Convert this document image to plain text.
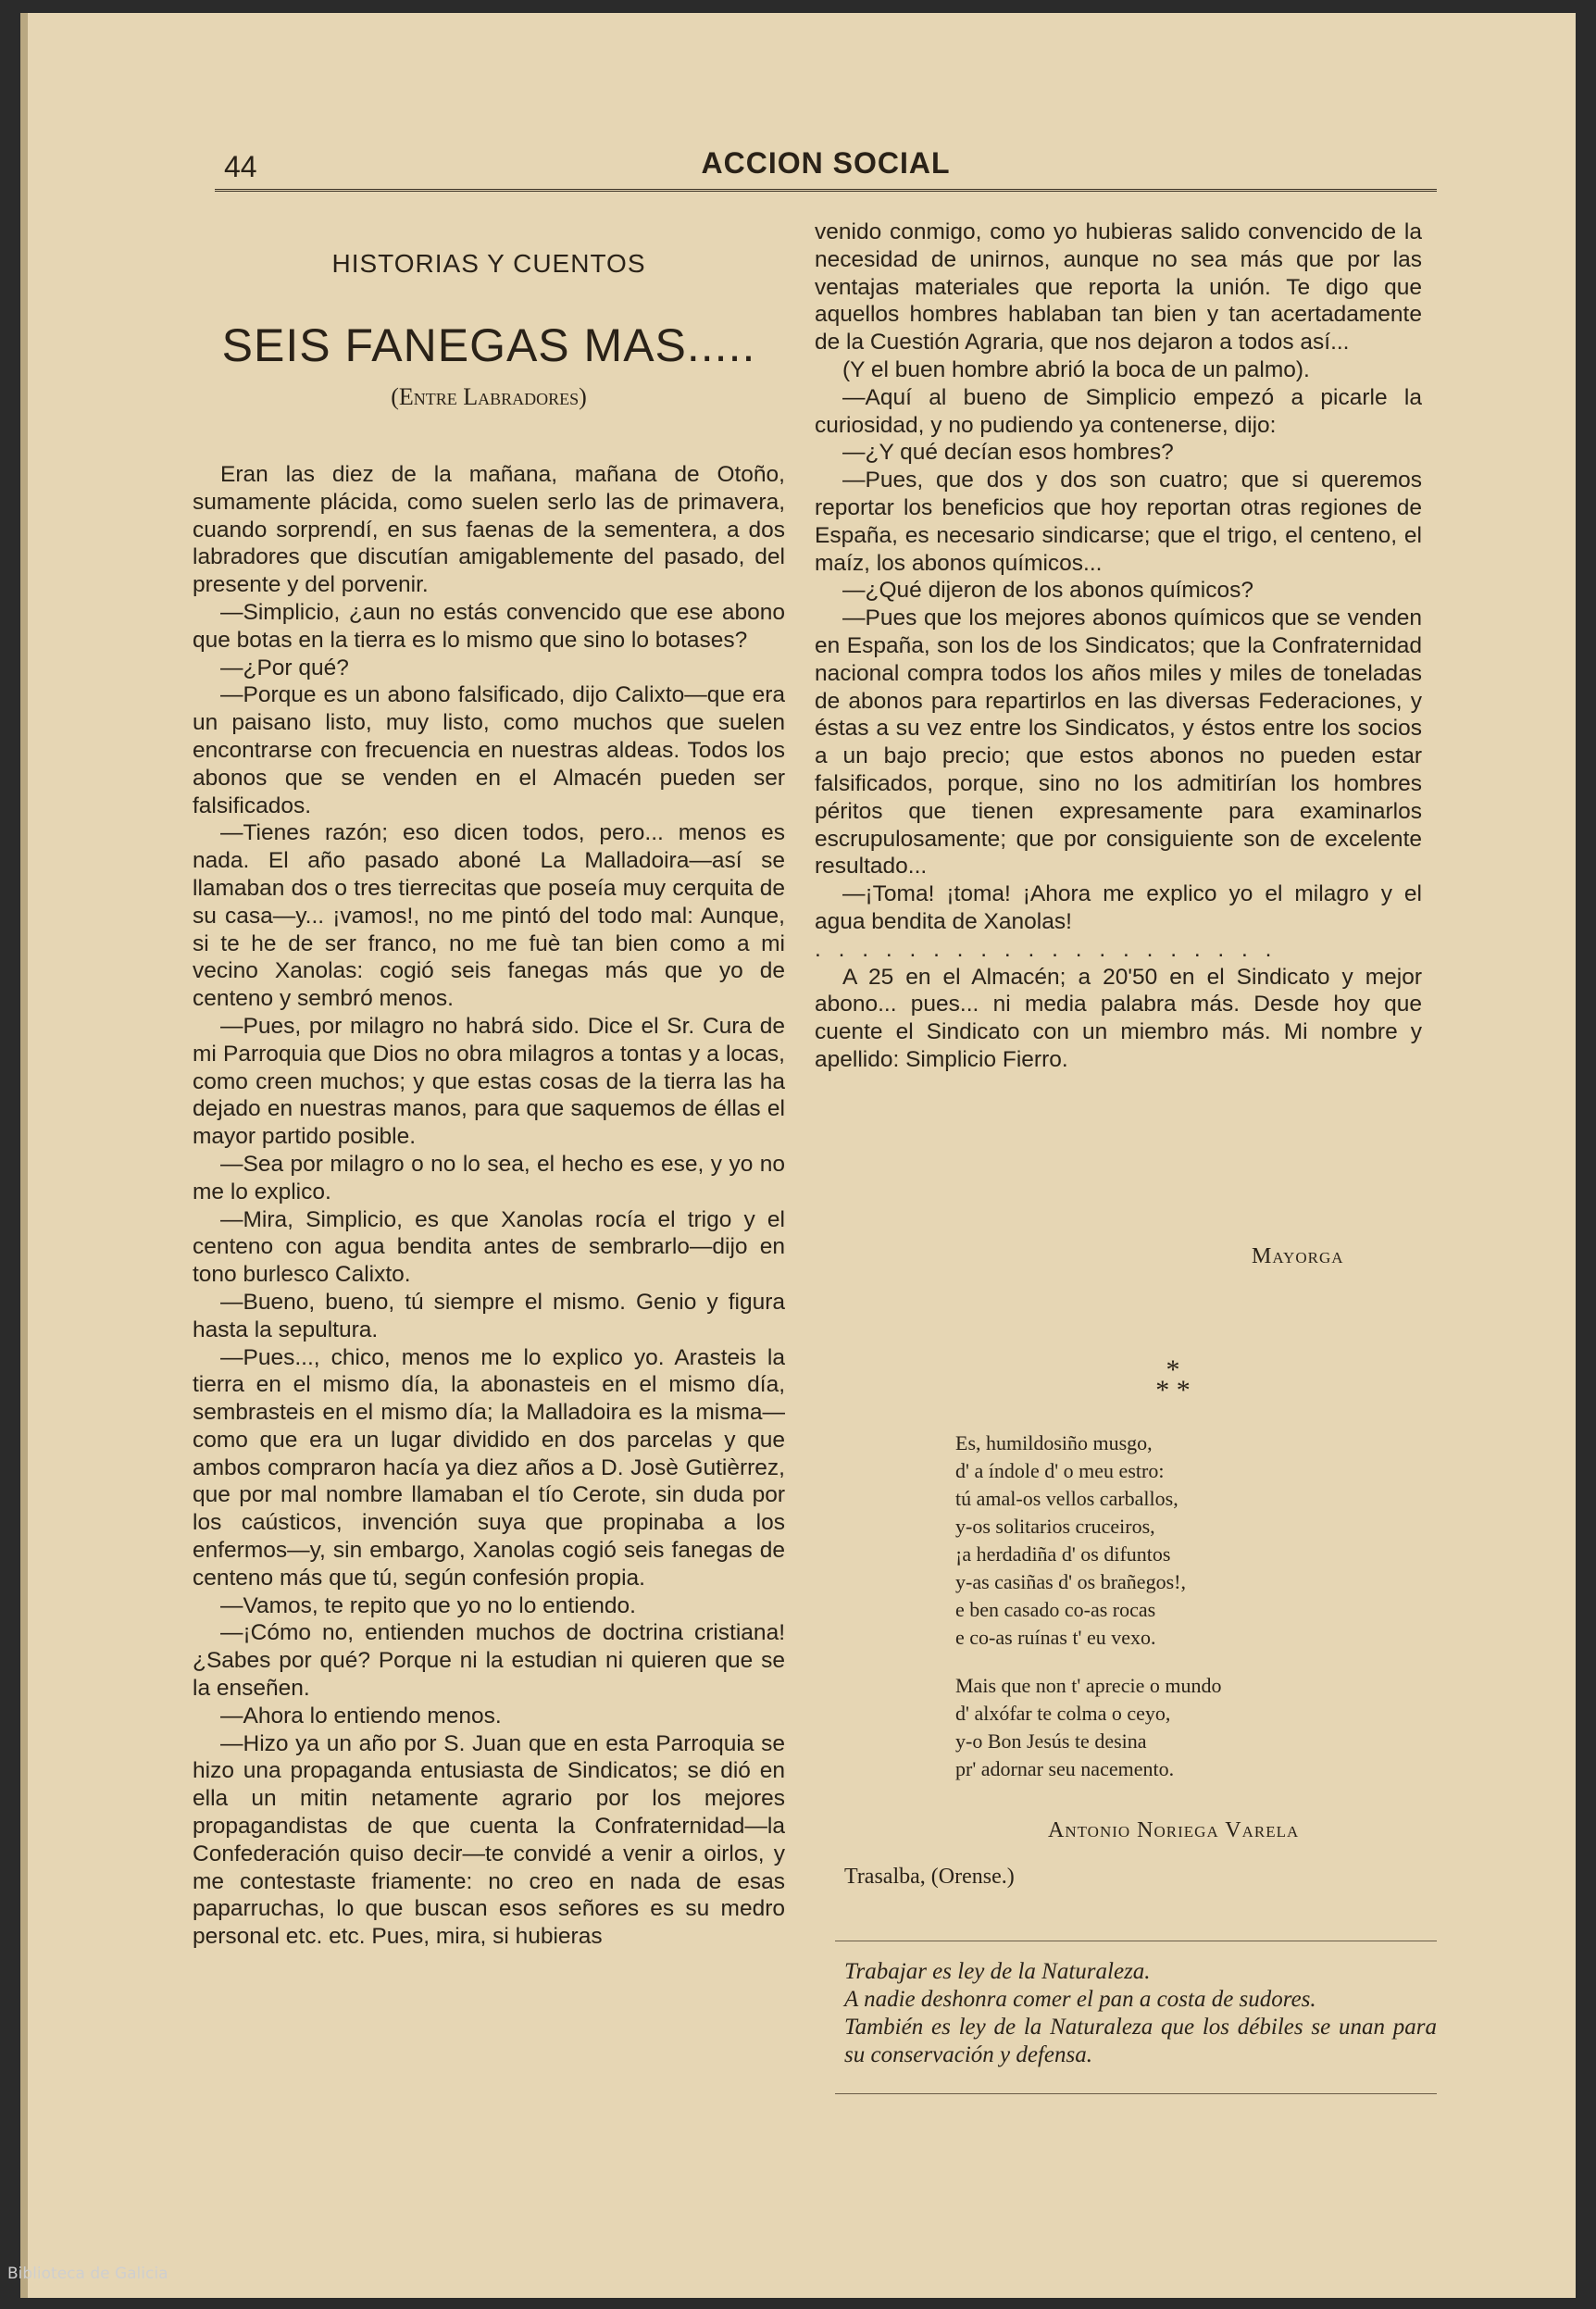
44	ACCION SOCIAL
HISTORIAS Y CUENTOS
SEIS FANEGAS MAS.....
(Entre Labradores)

Eran las diez de la mañana, mañana de Otoño, sumamente plácida, como suelen serlo las de primavera, cuando sorprendí, en sus faenas de la sementera, a dos labradores que discutían amigablemente del pasado, del presente y del porvenir.

—Simplicio, ¿aun no estás convencido que ese abono que botas en la tierra es lo mismo que sino lo botases?

—¿Por qué?

—Porque es un abono falsificado, dijo Calixto—que era un paisano listo, muy listo, como muchos que suelen encontrarse con frecuencia en nuestras aldeas. Todos los abonos que se venden en el Almacén pueden ser falsificados.

—Tienes razón; eso dicen todos, pero... menos es nada. El año pasado aboné La Malladoira—así se llamaban dos o tres tierrecitas que poseía muy cerquita de su casa—y... ¡vamos!, no me pintó del todo mal: Aunque, si te he de ser franco, no me fuè tan bien como a mi vecino Xanolas: cogió seis fanegas más que yo de centeno y sembró menos.

—Pues, por milagro no habrá sido. Dice el Sr. Cura de mi Parroquia que Dios no obra milagros a tontas y a locas, como creen muchos; y que estas cosas de la tierra las ha dejado en nuestras manos, para que saquemos de éllas el mayor partido posible.

—Sea por milagro o no lo sea, el hecho es ese, y yo no me lo explico.

—Mira, Simplicio, es que Xanolas rocía el trigo y el centeno con agua bendita antes de sembrarlo—dijo en tono burlesco Calixto.

—Bueno, bueno, tú siempre el mismo. Genio y figura hasta la sepultura.

—Pues..., chico, menos me lo explico yo. Arasteis la tierra en el mismo día, la abonasteis en el mismo día, sembrasteis en el mismo día; la Malladoira es la misma—como que era un lugar dividido en dos parcelas y que ambos compraron hacía ya diez años a D. Josè Gutièrrez, que por mal nombre llamaban el tío Cerote, sin duda por los caústicos, invención suya que propinaba a los enfermos—y, sin embargo, Xanolas cogió seis fanegas de centeno más que tú, según confesión propia.

—Vamos, te repito que yo no lo entiendo.

—¡Cómo no, entienden muchos de doctrina cristiana! ¿Sabes por qué? Porque ni la estudian ni quieren que se la enseñen.

—Ahora lo entiendo menos.

—Hizo ya un año por S. Juan que en esta Parroquia se hizo una propaganda entusiasta de Sindicatos; se dió en ella un mitin netamente agrario por los mejores propagandistas de que cuenta la Confraternidad—la Confederación quiso decir—te convidé a venir a oirlos, y me contestaste friamente: no creo en nada de esas paparruchas, lo que buscan esos señores es su medro personal etc. etc. Pues, mira, si hubieras

venido conmigo, como yo hubieras salido convencido de la necesidad de unirnos, aunque no sea más que por las ventajas materiales que reporta la unión. Te digo que aquellos hombres hablaban tan bien y tan acertadamente de la Cuestión Agraria, que nos dejaron a todos así...

(Y el buen hombre abrió la boca de un palmo).

—Aquí al bueno de Simplicio empezó a picarle la curiosidad, y no pudiendo ya contenerse, dijo:

—¿Y qué decían esos hombres?

—Pues, que dos y dos son cuatro; que si queremos reportar los beneficios que hoy reportan otras regiones de España, es necesario sindicarse; que el trigo, el centeno, el maíz, los abonos químicos...

—¿Qué dijeron de los abonos químicos?

—Pues que los mejores abonos químicos que se venden en España, son los de los Sindicatos; que la Confraternidad nacional compra todos los años miles y miles de toneladas de abonos para repartirlos en las diversas Federaciones, y éstas a su vez entre los Sindicatos, y éstos entre los socios a un bajo precio; que estos abonos no pueden estar falsificados, porque, sino no los admitirían los hombres péritos que tienen expresamente para examinarlos escrupulosamente; que por consiguiente son de excelente resultado...

—¡Toma! ¡toma! ¡Ahora me explico yo el milagro y el agua bendita de Xanolas!

. . . . . . . . . . . . . . . . . . . .

A 25 en el Almacén; a 20'50 en el Sindicato y mejor abono... pues... ni media palabra más. Desde hoy que cuente el Sindicato con un miembro más. Mi nombre y apellido: Simplicio Fierro.

Mayorga
*
* *
Es, humildosiño musgo,
d' a índole d' o meu estro:
tú amal-os vellos carballos,
y-os solitarios cruceiros,
¡a herdadiña d' os difuntos
y-as casiñas d' os brañegos!,
e ben casado co-as rocas
e co-as ruínas t' eu vexo.
Mais que non t' aprecie o mundo
d' alxófar te colma o ceyo,
y-o Bon Jesús te desina
pr' adornar seu nacemento.
Antonio Noriega Varela
Trasalba, (Orense.)

Trabajar es ley de la Naturaleza.

A nadie deshonra comer el pan a costa de sudores.

También es ley de la Naturaleza que los débiles se unan para su conservación y defensa.

Biblioteca de Galicia
